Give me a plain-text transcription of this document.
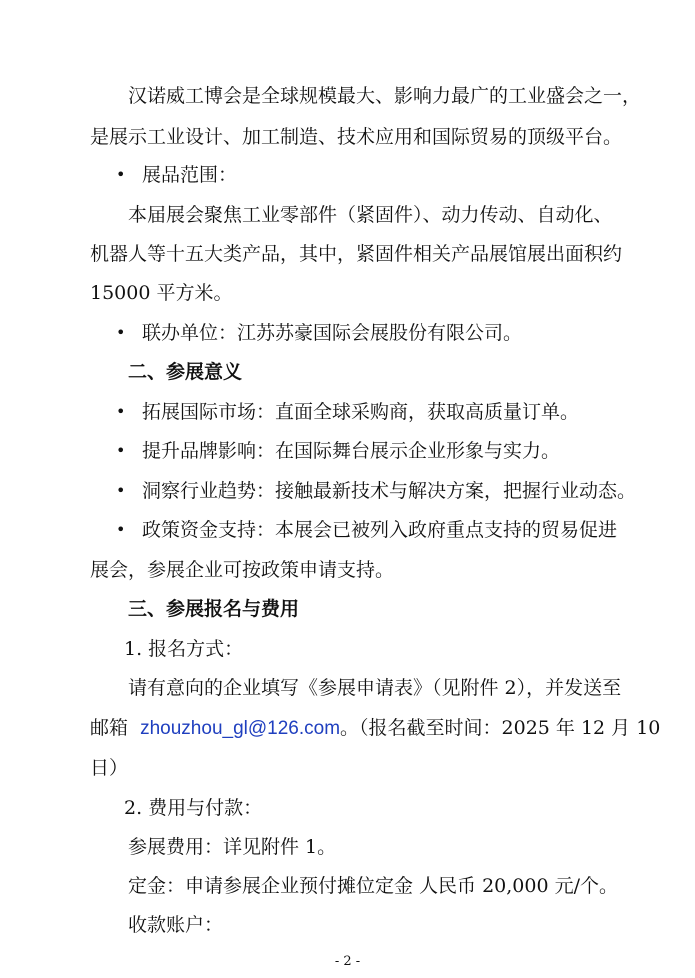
汉诺威工博会是全球规模最大、影响力最广的工业盛会之一，
是展示工业设计、加工制造、技术应用和国际贸易的顶级平台。
• 展品范围：
本届展会聚焦工业零部件（紧固件）、动力传动、自动化、
机器人等十五大类产品，其中，紧固件相关产品展馆展出面积约
15000 平方米。
• 联办单位：江苏苏豪国际会展股份有限公司。
二、参展意义
• 拓展国际市场：直面全球采购商，获取高质量订单。
• 提升品牌影响：在国际舞台展示企业形象与实力。
• 洞察行业趋势：接触最新技术与解决方案，把握行业动态。
• 政策资金支持：本展会已被列入政府重点支持的贸易促进
展会，参展企业可按政策申请支持。
三、参展报名与费用
1. 报名方式：
请有意向的企业填写《参展申请表》（见附件 2），并发送至
邮箱 zhouzhou_gl@126.com。（报名截至时间：2025 年 12 月 10
日）
2. 费用与付款：
参展费用：详见附件 1。
定金：申请参展企业预付摊位定金 人民币 20,000 元/个。
收款账户：
- 2 -
